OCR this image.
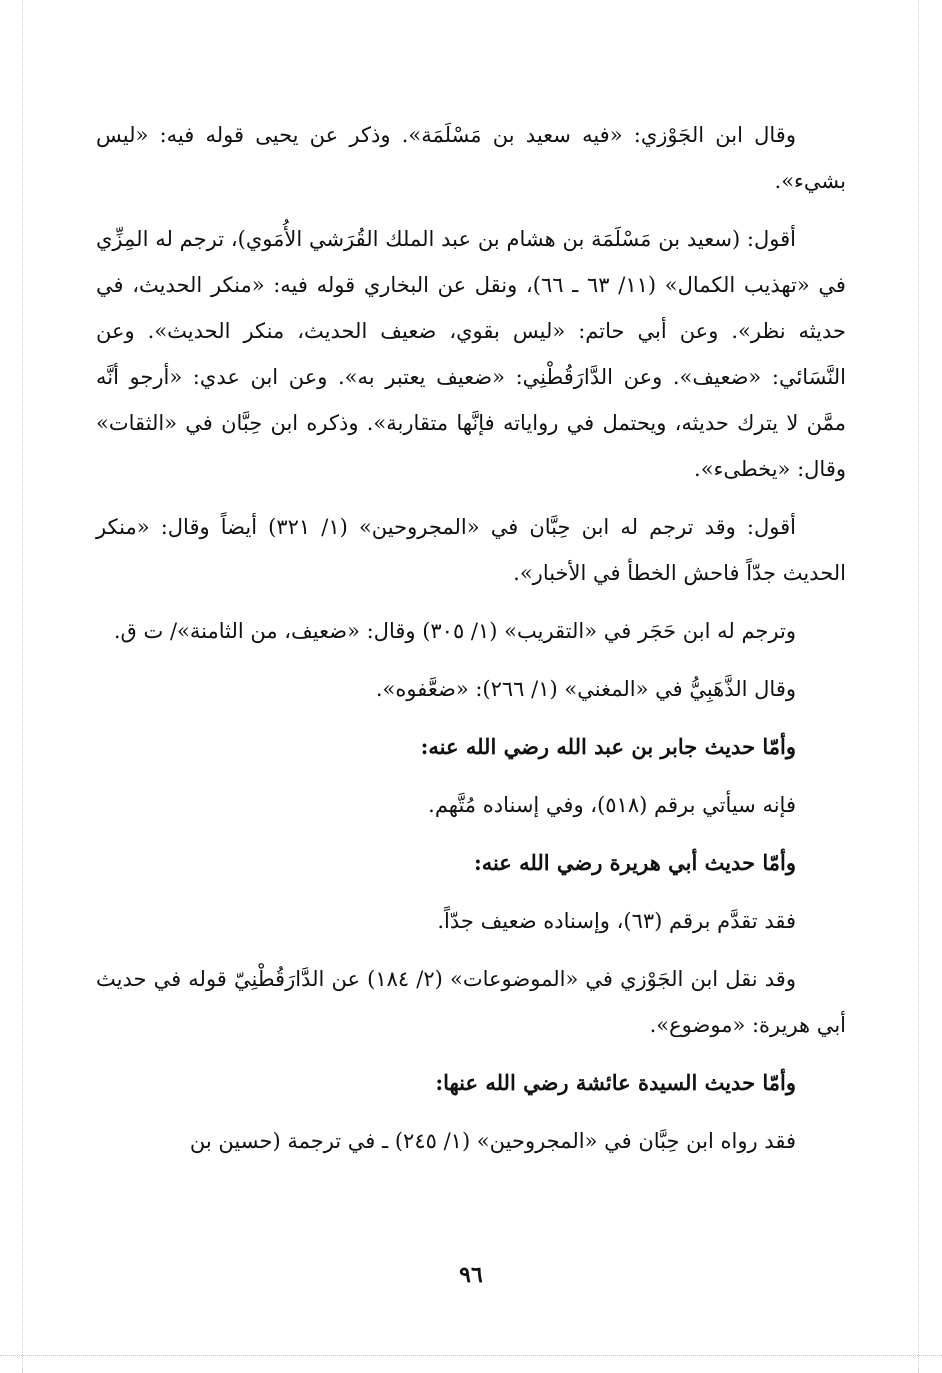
وقال ابن الجَوْزي: «فيه سعيد بن مَسْلَمَة». وذكر عن يحيى قوله فيه: «ليس بشيء».

أقول: (سعيد بن مَسْلَمَة بن هشام بن عبد الملك القُرَشي الأُمَوي)، ترجم له المِزِّي في «تهذيب الكمال» (١١/ ٦٣ ـ ٦٦)، ونقل عن البخاري قوله فيه: «منكر الحديث، في حديثه نظر». وعن أبي حاتم: «ليس بقوي، ضعيف الحديث، منكر الحديث». وعن النَّسَائي: «ضعيف». وعن الدَّارَقُطْنِي: «ضعيف يعتبر به». وعن ابن عدي: «أرجو أنَّه ممَّن لا يترك حديثه، ويحتمل في رواياته فإنَّها متقاربة». وذكره ابن حِبَّان في «الثقات» وقال: «يخطىء».

أقول: وقد ترجم له ابن حِبَّان في «المجروحين» (١/ ٣٢١) أيضاً وقال: «منكر الحديث جدّاً فاحش الخطأ في الأخبار».

وترجم له ابن حَجَر في «التقريب» (١/ ٣٠٥) وقال: «ضعيف، من الثامنة»/ ت ق.

وقال الذَّهَبِيُّ في «المغني» (١/ ٢٦٦): «ضعَّفوه».

وأمّا حديث جابر بن عبد الله رضي الله عنه:

فإنه سيأتي برقم (٥١٨)، وفي إسناده مُتَّهم.

وأمّا حديث أبي هريرة رضي الله عنه:

فقد تقدَّم برقم (٦٣)، وإسناده ضعيف جدّاً.

وقد نقل ابن الجَوْزي في «الموضوعات» (٢/ ١٨٤) عن الدَّارَقُطْنِيّ قوله في حديث أبي هريرة: «موضوع».

وأمّا حديث السيدة عائشة رضي الله عنها:

فقد رواه ابن حِبَّان في «المجروحين» (١/ ٢٤٥) ـ في ترجمة (حسين بن

٩٦
